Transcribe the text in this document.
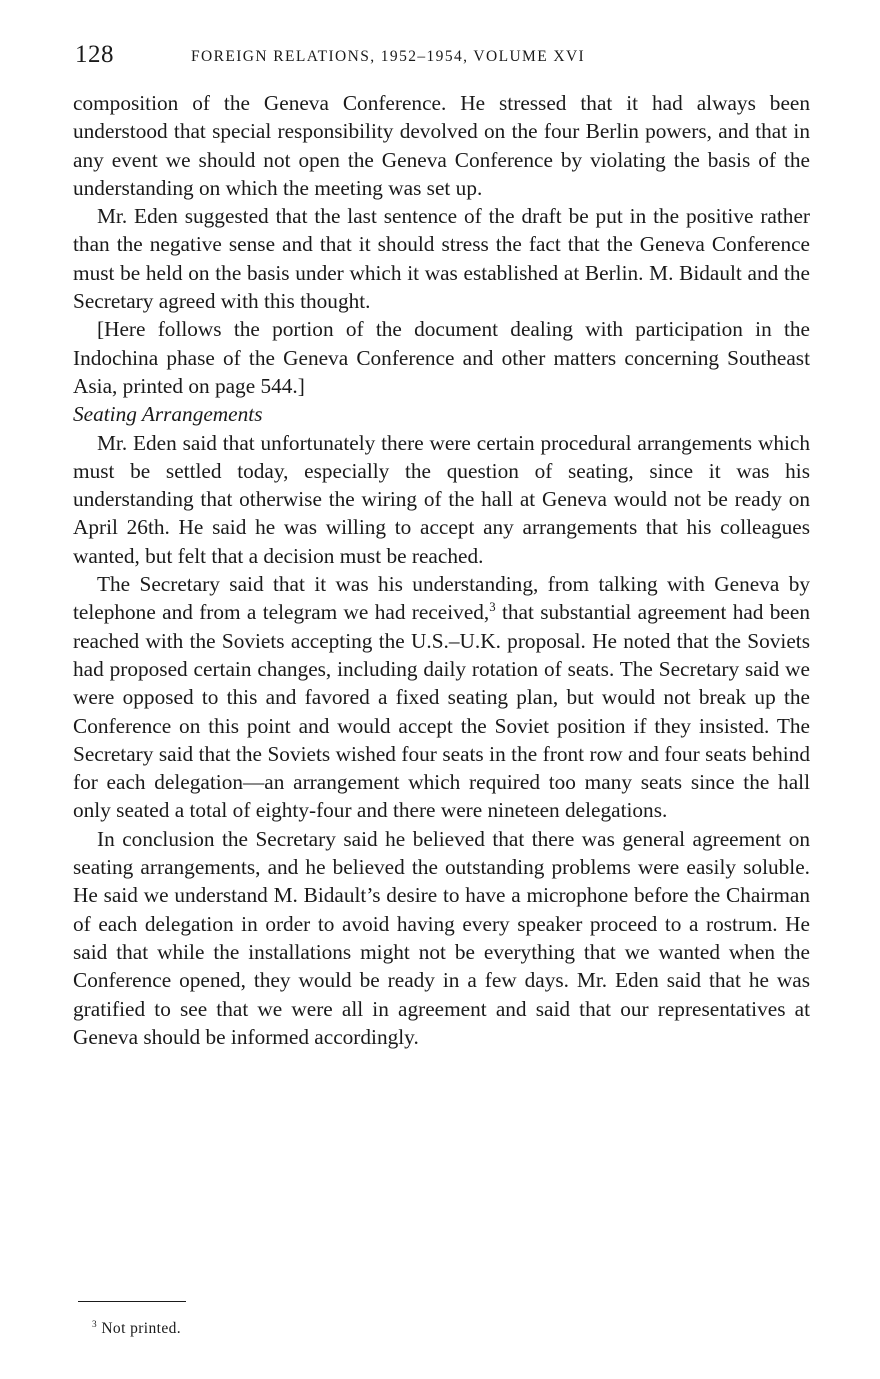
128	FOREIGN RELATIONS, 1952–1954, VOLUME XVI

composition of the Geneva Conference. He stressed that it had always been understood that special responsibility devolved on the four Berlin powers, and that in any event we should not open the Geneva Conference by violating the basis of the understanding on which the meeting was set up.

Mr. Eden suggested that the last sentence of the draft be put in the positive rather than the negative sense and that it should stress the fact that the Geneva Conference must be held on the basis under which it was established at Berlin. M. Bidault and the Secretary agreed with this thought.

[Here follows the portion of the document dealing with participation in the Indochina phase of the Geneva Conference and other matters concerning Southeast Asia, printed on page 544.]

Seating Arrangements

Mr. Eden said that unfortunately there were certain procedural arrangements which must be settled today, especially the question of seating, since it was his understanding that otherwise the wiring of the hall at Geneva would not be ready on April 26th. He said he was willing to accept any arrangements that his colleagues wanted, but felt that a decision must be reached.

The Secretary said that it was his understanding, from talking with Geneva by telephone and from a telegram we had received,$^3$ that substantial agreement had been reached with the Soviets accepting the U.S.–U.K. proposal. He noted that the Soviets had proposed certain changes, including daily rotation of seats. The Secretary said we were opposed to this and favored a fixed seating plan, but would not break up the Conference on this point and would accept the Soviet position if they insisted. The Secretary said that the Soviets wished four seats in the front row and four seats behind for each delegation—an arrangement which required too many seats since the hall only seated a total of eighty-four and there were nineteen delegations.

In conclusion the Secretary said he believed that there was general agreement on seating arrangements, and he believed the outstanding problems were easily soluble. He said we understand M. Bidault’s desire to have a microphone before the Chairman of each delegation in order to avoid having every speaker proceed to a rostrum. He said that while the installations might not be everything that we wanted when the Conference opened, they would be ready in a few days. Mr. Eden said that he was gratified to see that we were all in agreement and said that our representatives at Geneva should be informed accordingly.

$^3$ Not printed.
